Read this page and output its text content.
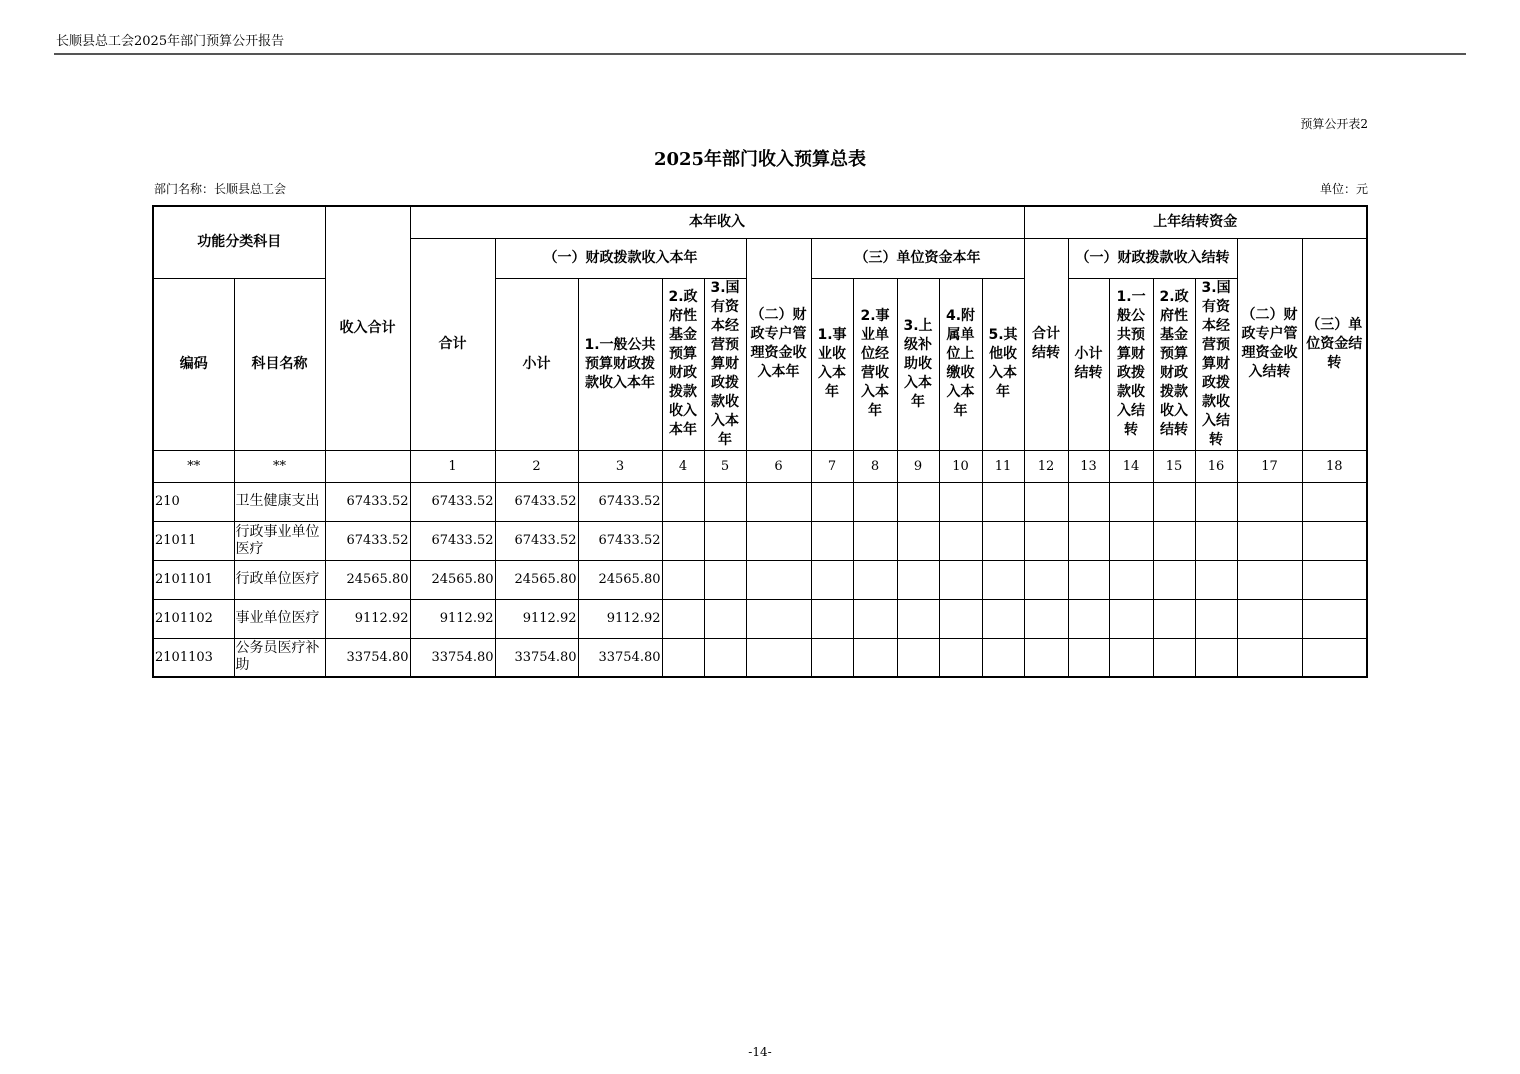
长顺县总工会2025年部门预算公开报告
预算公开表2
2025年部门收入预算总表
部门名称：长顺县总工会	单位：元
功能分类科目		收入合计	本年收入											上年结转资金						
			合计	（一）财政拨款收入本年				（二）财政专户管理资金收入本年	（三）单位资金本年					合计结转	（一）财政拨款收入结转				（二）财政专户管理资金收入结转	（三）单位资金结转
编码	科目名称			小计	1.一般公共预算财政拨款收入本年	2.政府性基金预算财政拨款收入本年	3.国有资本经营预算财政拨款收入本年		1.事业收入本年	2.事业单位经营收入本年	3.上级补助收入本年	4.附属单位上缴收入本年	5.其他收入本年		小计结转	1.一般公共预算财政拨款收入结转	2.政府性基金预算财政拨款收入结转	3.国有资本经营预算财政拨款收入结转		
**	**		1	2	3	4	5	6	7	8	9	10	11	12	13	14	15	16	17	18
210	卫生健康支出	67433.52	67433.52	67433.52	67433.52															
21011	行政事业单位医疗	67433.52	67433.52	67433.52	67433.52															
2101101	行政单位医疗	24565.80	24565.80	24565.80	24565.80															
2101102	事业单位医疗	9112.92	9112.92	9112.92	9112.92															
2101103	公务员医疗补助	33754.80	33754.80	33754.80	33754.80															
-14-
